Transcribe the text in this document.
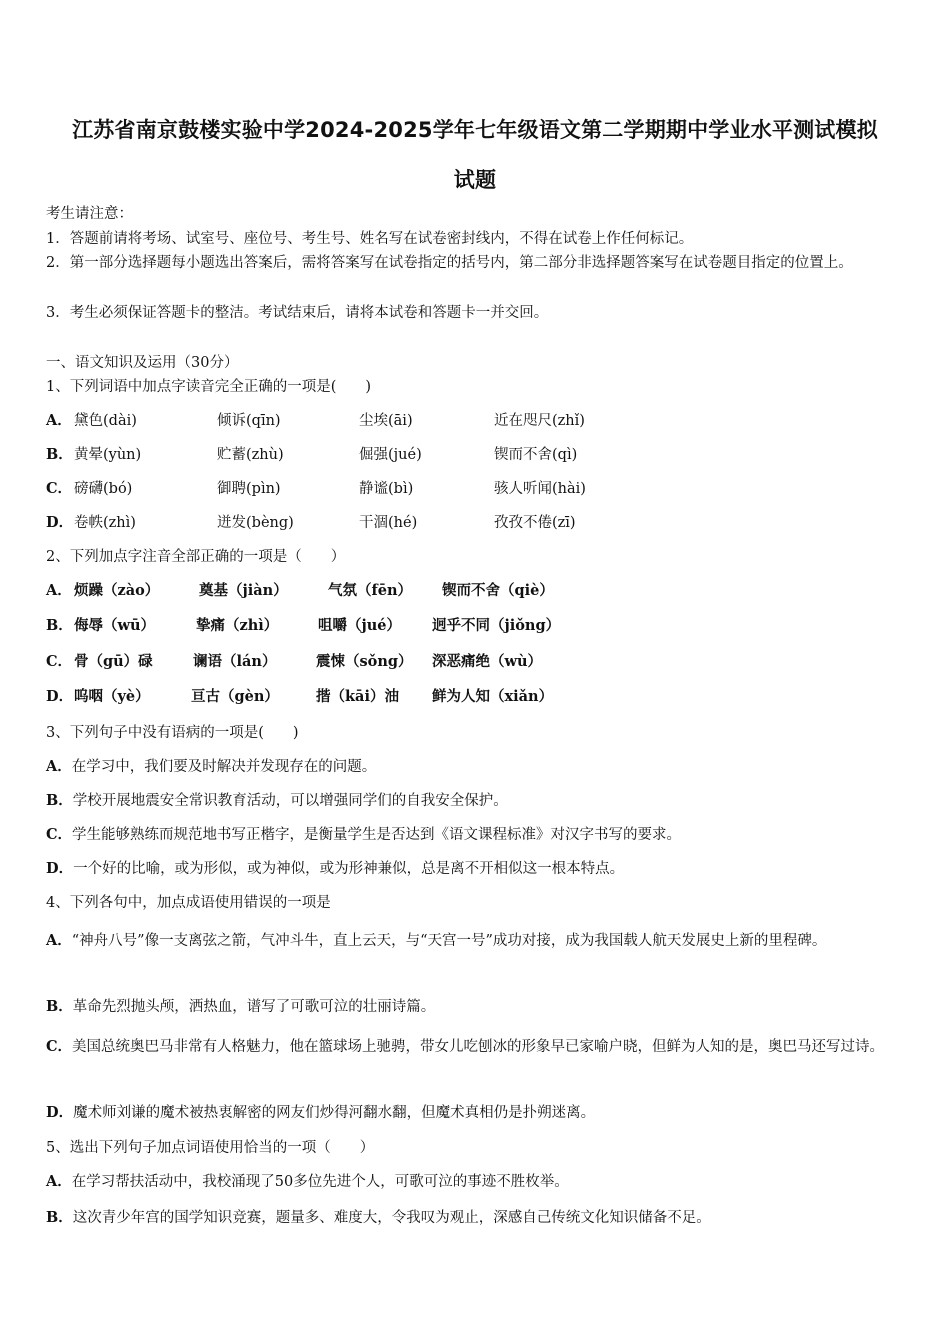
江苏省南京鼓楼实验中学2024-2025学年七年级语文第二学期期中学业水平测试模拟
试题
考生请注意：
1．答题前请将考场、试室号、座位号、考生号、姓名写在试卷密封线内，不得在试卷上作任何标记。
2．第一部分选择题每小题选出答案后，需将答案写在试卷指定的括号内，第二部分非选择题答案写在试卷题目指定的位置上。
3．考生必须保证答题卡的整洁。考试结束后，请将本试卷和答题卡一并交回。
一、语文知识及运用（30分）
1、下列词语中加点字读音完全正确的一项是(　　)
A． 黛色(dài)	倾诉(qīn)	尘埃(āi)	近在咫尺(zhǐ)
B． 黄晕(yùn)	贮蓄(zhù)	倔强(jué)	锲而不舍(qì)
C． 磅礴(bó)	御聘(pìn)	静谧(bì)	骇人听闻(hài)
D． 卷帙(zhì)	迸发(bèng)	干涸(hé)	孜孜不倦(zī)
2、下列加点字注音全部正确的一项是（　　）
A． 烦躁（zào）	奠基（jiàn）	气氛（fēn） 锲而不舍（qiè）
B． 侮辱（wū）	挚痛（zhì）	咀嚼（jué） 迥乎不同（jiǒng）
C． 骨（gū）碌	谰语（lán）	震悚（sǒng） 深恶痛绝（wù）
D． 呜咽（yè）	亘古（gèn）	揩（kāi）油 鲜为人知（xiǎn）
3、下列句子中没有语病的一项是(　　)
A．在学习中，我们要及时解决并发现存在的问题。
B．学校开展地震安全常识教育活动，可以增强同学们的自我安全保护。
C．学生能够熟练而规范地书写正楷字，是衡量学生是否达到《语文课程标准》对汉字书写的要求。
D．一个好的比喻，或为形似，或为神似，或为形神兼似，总是离不开相似这一根本特点。
4、下列各句中，加点成语使用错误的一项是
A．“神舟八号”像一支离弦之箭，气冲斗牛，直上云天，与“天宫一号”成功对接，成为我国载人航天发展史上新的里程碑。
B．革命先烈抛头颅，洒热血，谱写了可歌可泣的壮丽诗篇。
C．美国总统奥巴马非常有人格魅力，他在篮球场上驰骋，带女儿吃刨冰的形象早已家喻户晓，但鲜为人知的是，奥巴马还写过诗。
D．魔术师刘谦的魔术被热衷解密的网友们炒得河翻水翻，但魔术真相仍是扑朔迷离。
5、选出下列句子加点词语使用恰当的一项（　　）
A．在学习帮扶活动中，我校涌现了50多位先进个人，可歌可泣的事迹不胜枚举。
B．这次青少年宫的国学知识竞赛，题量多、难度大，令我叹为观止，深感自己传统文化知识储备不足。
